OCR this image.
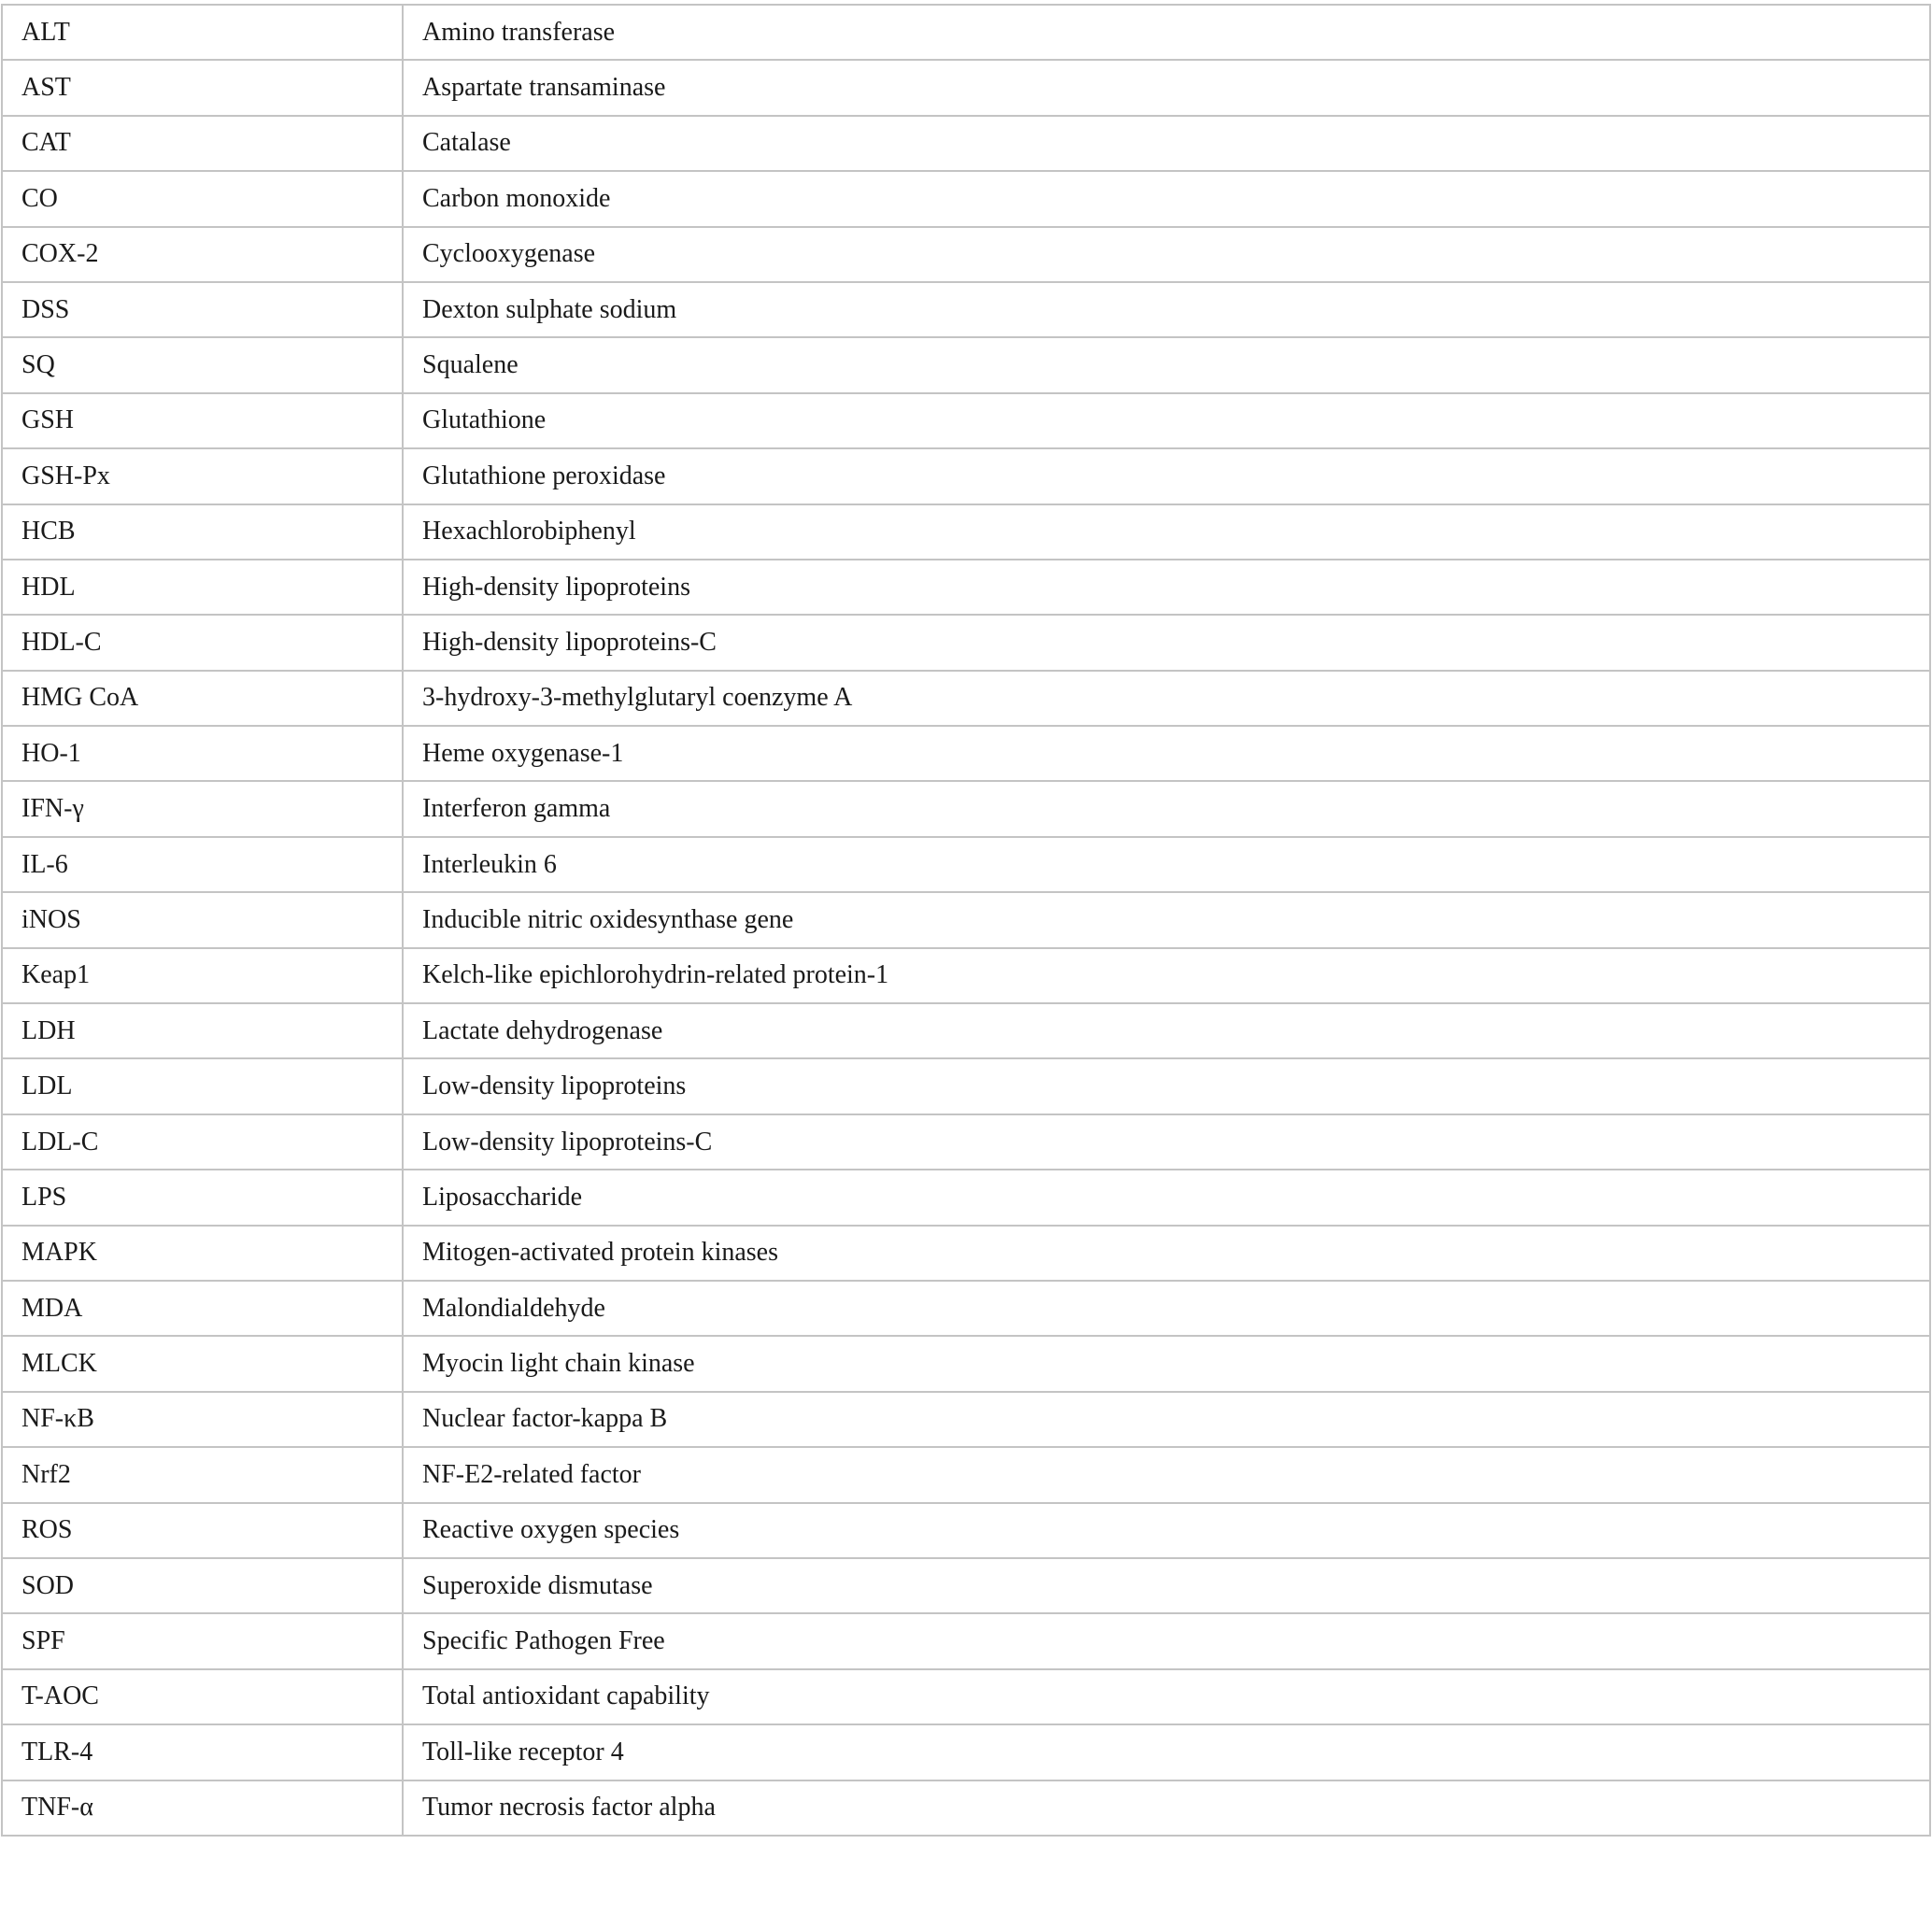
ALT	Amino transferase
AST	Aspartate transaminase
CAT	Catalase
CO	Carbon monoxide
COX-2	Cyclooxygenase
DSS	Dexton sulphate sodium
SQ	Squalene
GSH	Glutathione
GSH-Px	Glutathione peroxidase
HCB	Hexachlorobiphenyl
HDL	High-density lipoproteins
HDL-C	High-density lipoproteins-C
HMG CoA	3-hydroxy-3-methylglutaryl coenzyme A
HO-1	Heme oxygenase-1
IFN-γ	Interferon gamma
IL-6	Interleukin 6
iNOS	Inducible nitric oxidesynthase gene
Keap1	Kelch-like epichlorohydrin-related protein-1
LDH	Lactate dehydrogenase
LDL	Low-density lipoproteins
LDL-C	Low-density lipoproteins-C
LPS	Liposaccharide
MAPK	Mitogen-activated protein kinases
MDA	Malondialdehyde
MLCK	Myocin light chain kinase
NF-κB	Nuclear factor-kappa B
Nrf2	NF-E2-related factor
ROS	Reactive oxygen species
SOD	Superoxide dismutase
SPF	Specific Pathogen Free
T-AOC	Total antioxidant capability
TLR-4	Toll-like receptor 4
TNF-α	Tumor necrosis factor alpha
